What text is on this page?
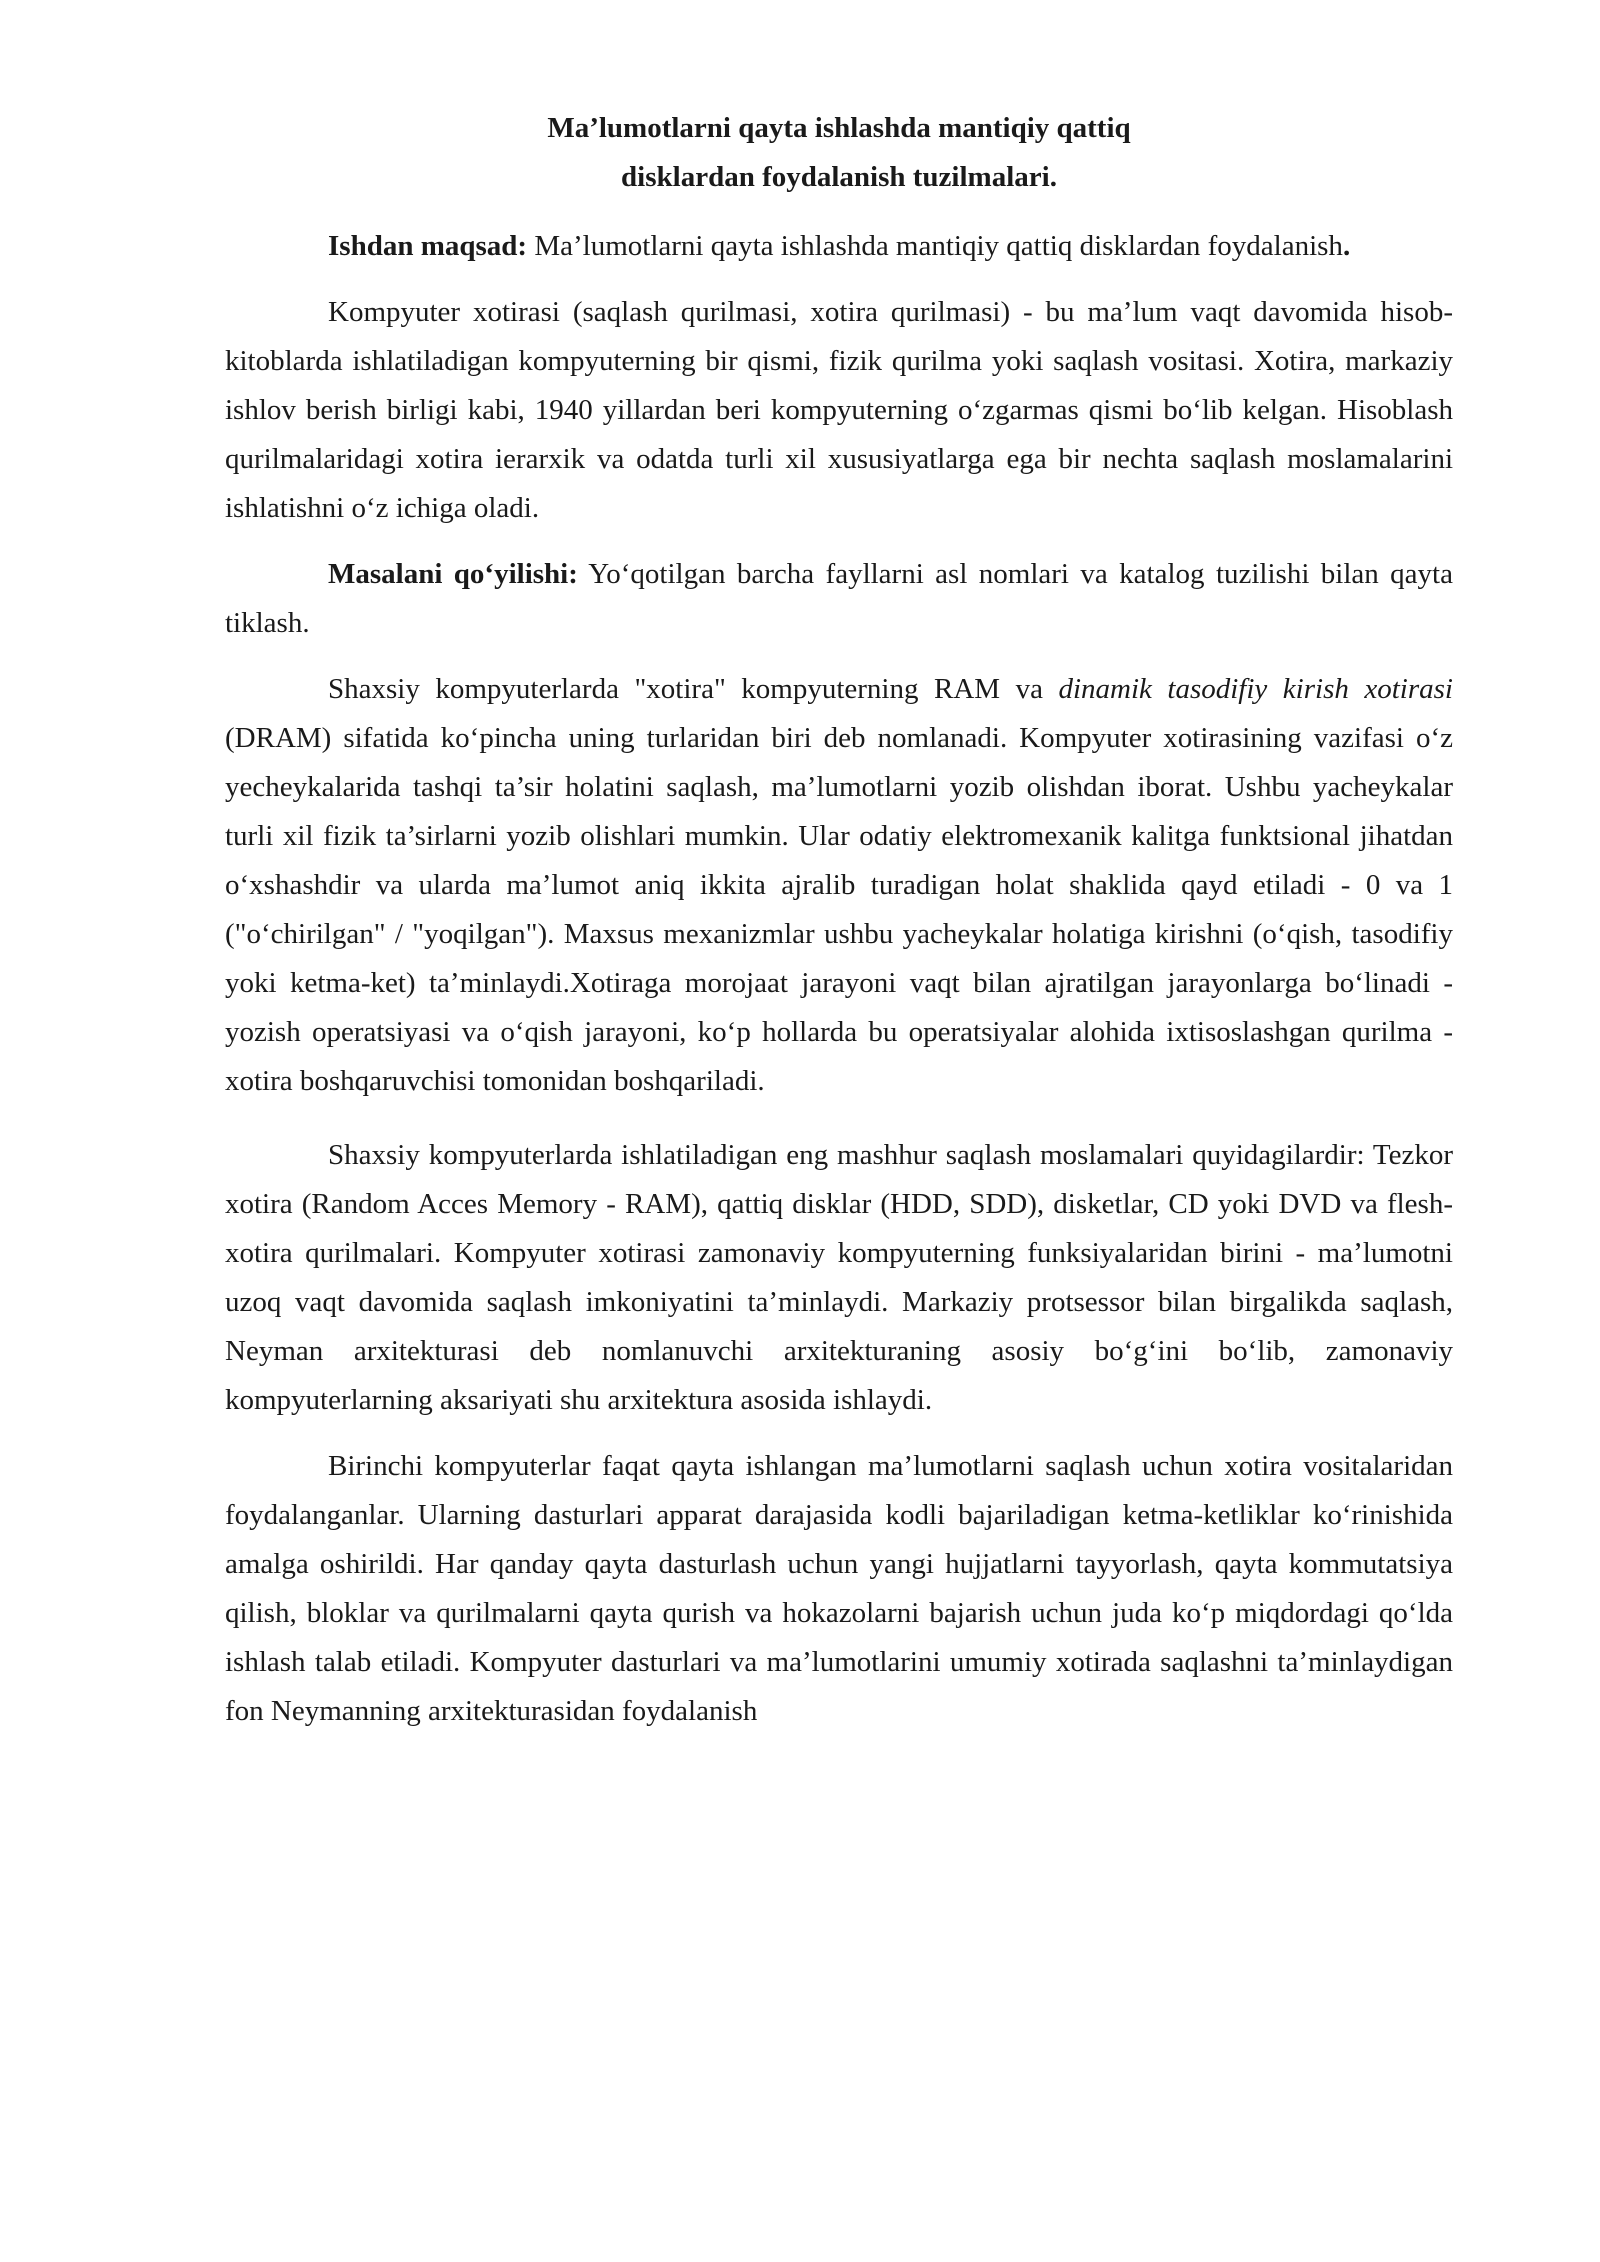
Ma’lumotlarni qayta ishlashda mantiqiy qattiq
disklardan foydalanish tuzilmalari.

Ishdan maqsad: Ma’lumotlarni qayta ishlashda mantiqiy qattiq disklardan foydalanish.

Kompyuter xotirasi (saqlash qurilmasi, xotira qurilmasi) - bu ma’lum vaqt davomida hisob-kitoblarda ishlatiladigan kompyuterning bir qismi, fizik qurilma yoki saqlash vositasi. Xotira, markaziy ishlov berish birligi kabi, 1940 yillardan beri kompyuterning o‘zgarmas qismi bo‘lib kelgan. Hisoblash qurilmalaridagi xotira ierarxik va odatda turli xil xususiyatlarga ega bir nechta saqlash moslamalarini ishlatishni o‘z ichiga oladi.

Masalani qo‘yilishi: Yo‘qotilgan barcha fayllarni asl nomlari va katalog tuzilishi bilan qayta tiklash.

Shaxsiy kompyuterlarda "xotira" kompyuterning RAM va dinamik tasodifiy kirish xotirasi (DRAM) sifatida ko‘pincha uning turlaridan biri deb nomlanadi. Kompyuter xotirasining vazifasi o‘z yecheykalarida tashqi ta’sir holatini saqlash, ma’lumotlarni yozib olishdan iborat. Ushbu yacheykalar turli xil fizik ta’sirlarni yozib olishlari mumkin. Ular odatiy elektromexanik kalitga funktsional jihatdan o‘xshashdir va ularda ma’lumot aniq ikkita ajralib turadigan holat shaklida qayd etiladi - 0 va 1 ("o‘chirilgan" / "yoqilgan"). Maxsus mexanizmlar ushbu yacheykalar holatiga kirishni (o‘qish, tasodifiy yoki ketma-ket) ta’minlaydi.Xotiraga morojaat jarayoni vaqt bilan ajratilgan jarayonlarga bo‘linadi - yozish operatsiyasi va o‘qish jarayoni, ko‘p hollarda bu operatsiyalar alohida ixtisoslashgan qurilma - xotira boshqaruvchisi tomonidan boshqariladi.

Shaxsiy kompyuterlarda ishlatiladigan eng mashhur saqlash moslamalari quyidagilardir: Tezkor xotira (Random Acces Memory - RAM), qattiq disklar (HDD, SDD), disketlar, CD yoki DVD va flesh-xotira qurilmalari. Kompyuter xotirasi zamonaviy kompyuterning funksiyalaridan birini - ma’lumotni uzoq vaqt davomida saqlash imkoniyatini ta’minlaydi. Markaziy protsessor bilan birgalikda saqlash, Neyman arxitekturasi deb nomlanuvchi arxitekturaning asosiy bo‘g‘ini bo‘lib, zamonaviy kompyuterlarning aksariyati shu arxitektura asosida ishlaydi.

Birinchi kompyuterlar faqat qayta ishlangan ma’lumotlarni saqlash uchun xotira vositalaridan foydalanganlar. Ularning dasturlari apparat darajasida kodli bajariladigan ketma-ketliklar ko‘rinishida amalga oshirildi. Har qanday qayta dasturlash uchun yangi hujjatlarni tayyorlash, qayta kommutatsiya qilish, bloklar va qurilmalarni qayta qurish va hokazolarni bajarish uchun juda ko‘p miqdordagi qo‘lda ishlash talab etiladi. Kompyuter dasturlari va ma’lumotlarini umumiy xotirada saqlashni ta’minlaydigan fon Neymanning arxitekturasidan foydalanish
